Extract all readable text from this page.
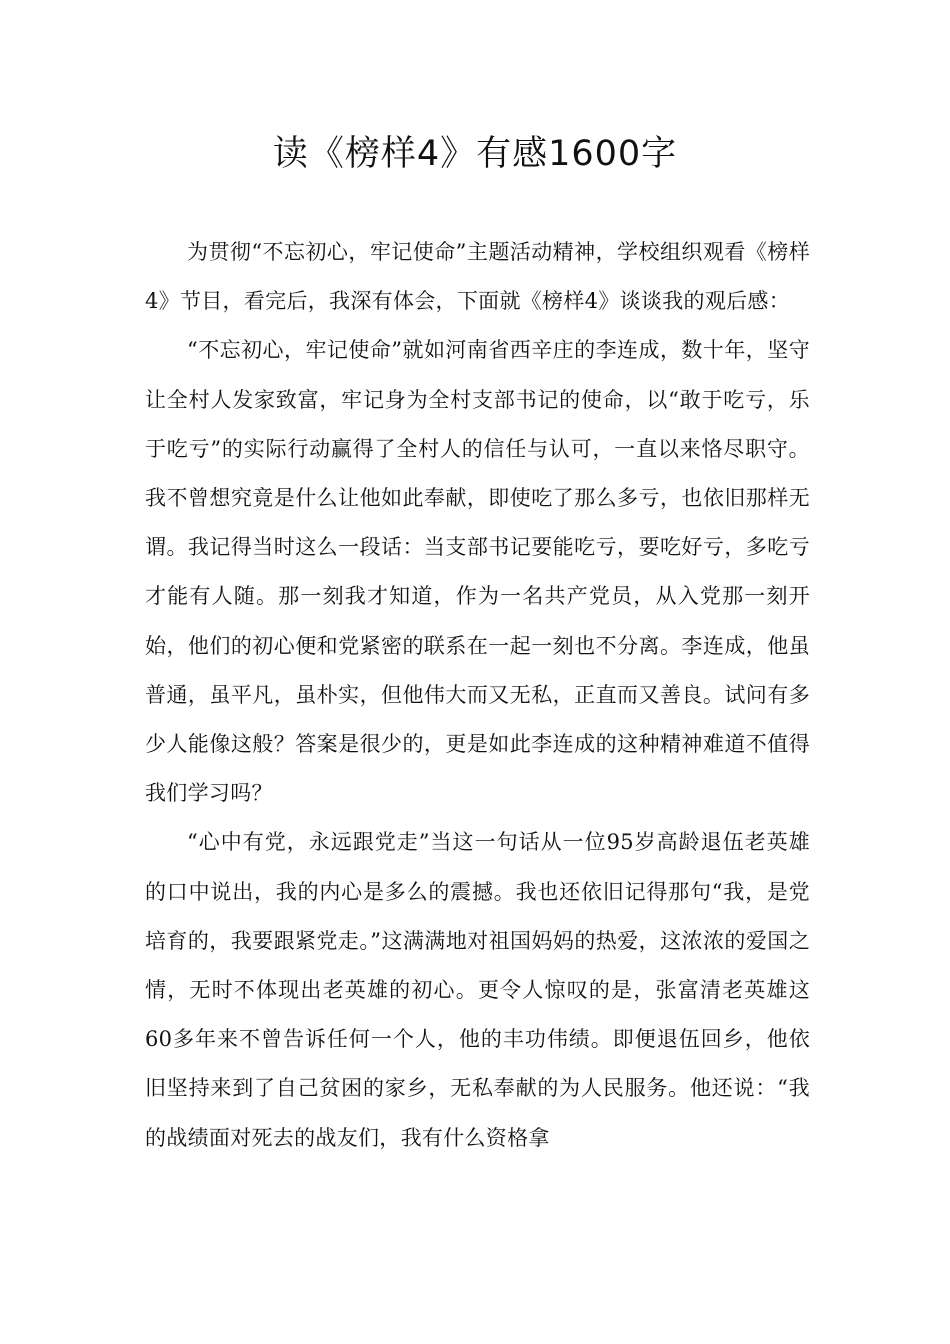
读《榜样4》有感1600字

为贯彻“不忘初心，牢记使命”主题活动精神，学校组织观看《榜样4》节目，看完后，我深有体会，下面就《榜样4》谈谈我的观后感：

“不忘初心，牢记使命”就如河南省西辛庄的李连成，数十年，坚守让全村人发家致富，牢记身为全村支部书记的使命，以“敢于吃亏，乐于吃亏”的实际行动赢得了全村人的信任与认可，一直以来恪尽职守。我不曾想究竟是什么让他如此奉献，即使吃了那么多亏，也依旧那样无谓。我记得当时这么一段话：当支部书记要能吃亏，要吃好亏，多吃亏才能有人随。那一刻我才知道，作为一名共产党员，从入党那一刻开始，他们的初心便和党紧密的联系在一起一刻也不分离。李连成，他虽普通，虽平凡，虽朴实，但他伟大而又无私，正直而又善良。试问有多少人能像这般？答案是很少的，更是如此李连成的这种精神难道不值得我们学习吗？

“心中有党，永远跟党走”当这一句话从一位95岁高龄退伍老英雄的口中说出，我的内心是多么的震撼。我也还依旧记得那句“我，是党培育的，我要跟紧党走。”这满满地对祖国妈妈的热爱，这浓浓的爱国之情，无时不体现出老英雄的初心。更令人惊叹的是，张富清老英雄这60多年来不曾告诉任何一个人，他的丰功伟绩。即便退伍回乡，他依旧坚持来到了自己贫困的家乡，无私奉献的为人民服务。他还说：“我的战绩面对死去的战友们，我有什么资格拿
